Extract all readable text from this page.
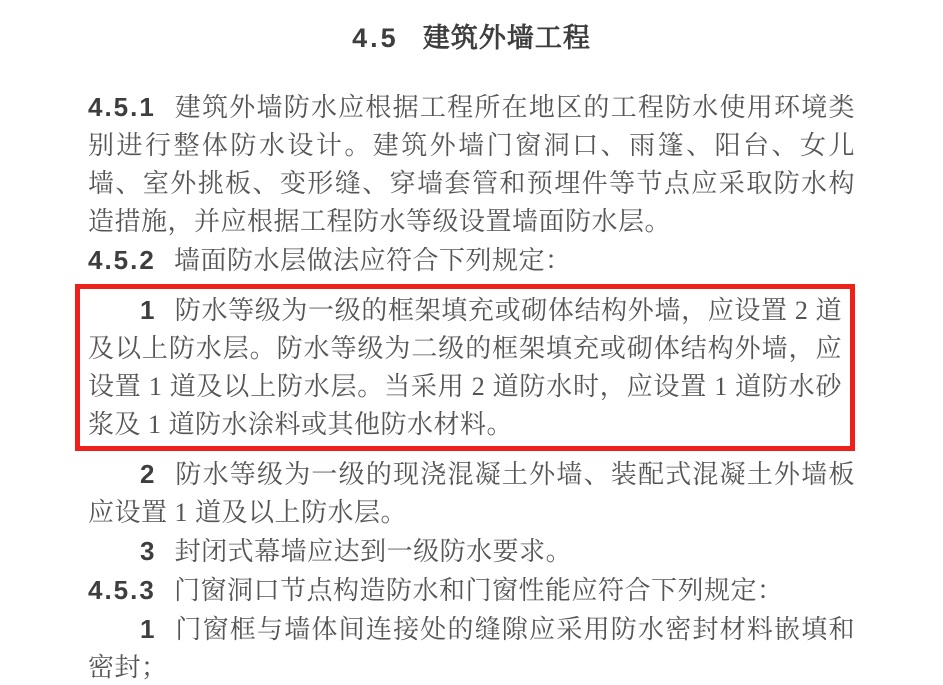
4.5 建筑外墙工程

4.5.1 建筑外墙防水应根据工程所在地区的工程防水使用环境类别进行整体防水设计。建筑外墙门窗洞口、雨篷、阳台、女儿墙、室外挑板、变形缝、穿墙套管和预埋件等节点应采取防水构造措施，并应根据工程防水等级设置墙面防水层。

4.5.2 墙面防水层做法应符合下列规定：

1 防水等级为一级的框架填充或砌体结构外墙，应设置 2 道及以上防水层。防水等级为二级的框架填充或砌体结构外墙，应设置 1 道及以上防水层。当采用 2 道防水时，应设置 1 道防水砂浆及 1 道防水涂料或其他防水材料。

2 防水等级为一级的现浇混凝土外墙、装配式混凝土外墙板应设置 1 道及以上防水层。

3 封闭式幕墙应达到一级防水要求。

4.5.3 门窗洞口节点构造防水和门窗性能应符合下列规定：

1 门窗框与墙体间连接处的缝隙应采用防水密封材料嵌填和密封；
